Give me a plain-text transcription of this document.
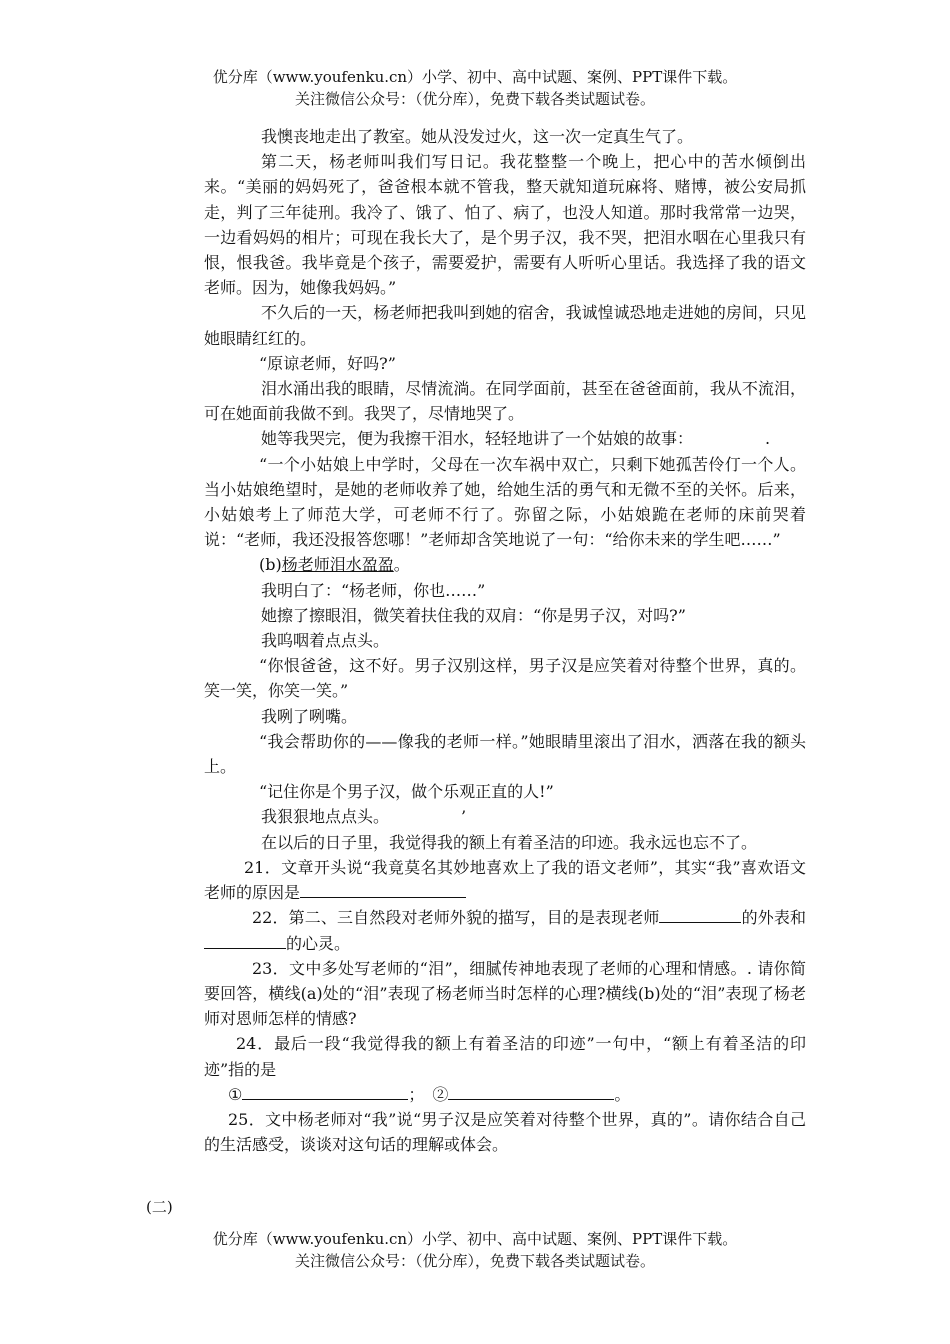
优分库（www.youfenku.cn）小学、初中、高中试题、案例、PPT课件下载。
关注微信公众号：（优分库），免费下载各类试题试卷。

我懊丧地走出了教室。她从没发过火，这一次一定真生气了。

第二天，杨老师叫我们写日记。我花整整一个晚上，把心中的苦水倾倒出来。“美丽的妈妈死了，爸爸根本就不管我，整天就知道玩麻将、赌博，被公安局抓走，判了三年徒刑。我冷了、饿了、怕了、病了，也没人知道。那时我常常一边哭，一边看妈妈的相片；可现在我长大了，是个男子汉，我不哭，把泪水咽在心里我只有恨，恨我爸。我毕竟是个孩子，需要爱护，需要有人听听心里话。我选择了我的语文老师。因为，她像我妈妈。”

不久后的一天，杨老师把我叫到她的宿舍，我诚惶诚恐地走进她的房间，只见她眼睛红红的。

“原谅老师，好吗?”

泪水涌出我的眼睛，尽情流淌。在同学面前，甚至在爸爸面前，我从不流泪，可在她面前我做不到。我哭了，尽情地哭了。

她等我哭完，便为我擦干泪水，轻轻地讲了一个姑娘的故事：　　　　　.

“一个小姑娘上中学时，父母在一次车祸中双亡，只剩下她孤苦伶仃一个人。当小姑娘绝望时，是她的老师收养了她，给她生活的勇气和无微不至的关怀。后来，小姑娘考上了师范大学，可老师不行了。弥留之际，小姑娘跪在老师的床前哭着说：“老师，我还没报答您哪！”老师却含笑地说了一句：“给你未来的学生吧……”

(b)杨老师泪水盈盈。

我明白了：“杨老师，你也……”

她擦了擦眼泪，微笑着扶住我的双肩：“你是男子汉，对吗?”

我呜咽着点点头。

“你恨爸爸，这不好。男子汉别这样，男子汉是应笑着对待整个世界，真的。笑一笑，你笑一笑。”

我咧了咧嘴。

“我会帮助你的——像我的老师一样。”她眼睛里滚出了泪水，洒落在我的额头上。

“记住你是个男子汉，做个乐观正直的人!”

我狠狠地点点头。　　　　　’

在以后的日子里，我觉得我的额上有着圣洁的印迹。我永远也忘不了。

21．文章开头说“我竟莫名其妙地喜欢上了我的语文老师”，其实“我”喜欢语文老师的原因是

22．第二、三自然段对老师外貌的描写，目的是表现老师	的外表和的心灵。

23．文中多处写老师的“泪”，细腻传神地表现了老师的心理和情感。. 请你简要回答，横线(a)处的“泪”表现了杨老师当时怎样的心理?横线(b)处的“泪”表现了杨老师对恩师怎样的情感?

24．最后一段“我觉得我的额上有着圣洁的印迹”一句中，“额上有着圣洁的印迹”指的是

①	；　②	。

25．文中杨老师对“我”说“男子汉是应笑着对待整个世界，真的”。请你结合自己的生活感受，谈谈对这句话的理解或体会。

(二)
优分库（www.youfenku.cn）小学、初中、高中试题、案例、PPT课件下载。
关注微信公众号：（优分库），免费下载各类试题试卷。
